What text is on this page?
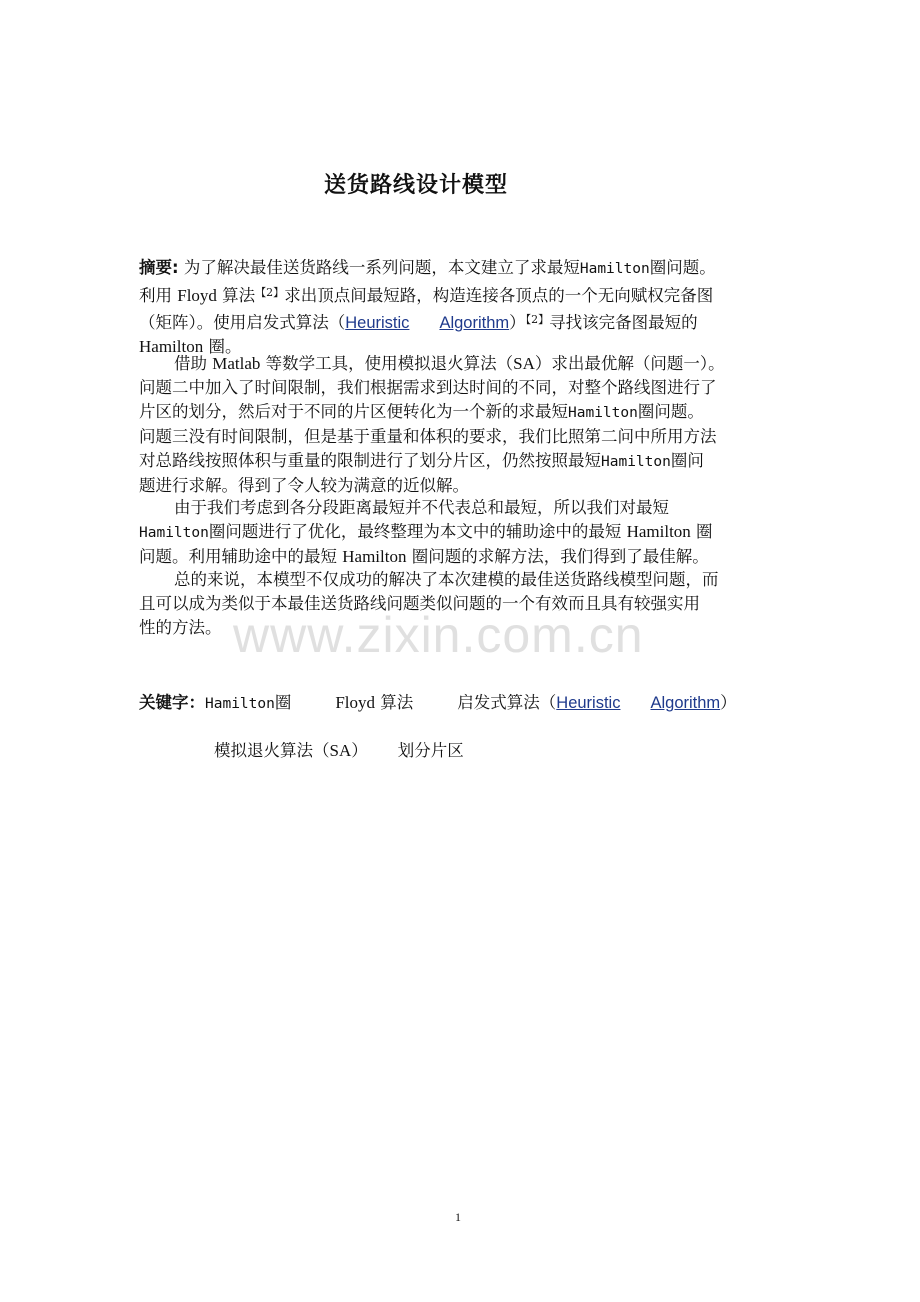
送货路线设计模型
摘要: 为了解决最佳送货路线一系列问题，本文建立了求最短Hamilton圈问题。
利用 Floyd 算法$^{【2】}$求出顶点间最短路，构造连接各顶点的一个无向赋权完备图
（矩阵）。使用启发式算法（Heuristic Algorithm）$^{【2】}$寻找该完备图最短的
Hamilton 圈。
借助 Matlab 等数学工具，使用模拟退火算法（SA）求出最优解（问题一）。
问题二中加入了时间限制，我们根据需求到达时间的不同，对整个路线图进行了
片区的划分，然后对于不同的片区便转化为一个新的求最短Hamilton圈问题。
问题三没有时间限制，但是基于重量和体积的要求，我们比照第二问中所用方法
对总路线按照体积与重量的限制进行了划分片区，仍然按照最短Hamilton圈问
题进行求解。得到了令人较为满意的近似解。
由于我们考虑到各分段距离最短并不代表总和最短，所以我们对最短
Hamilton圈问题进行了优化，最终整理为本文中的辅助途中的最短 Hamilton 圈
问题。利用辅助途中的最短 Hamilton 圈问题的求解方法，我们得到了最佳解。
总的来说，本模型不仅成功的解决了本次建模的最佳送货路线模型问题，而
且可以成为类似于本最佳送货路线问题类似问题的一个有效而且具有较强实用
性的方法。 www.zixin.com.cn
关键字：Hamilton圈	Floyd 算法	启发式算法（Heuristic Algorithm）
模拟退火算法（SA） 划分片区
1
